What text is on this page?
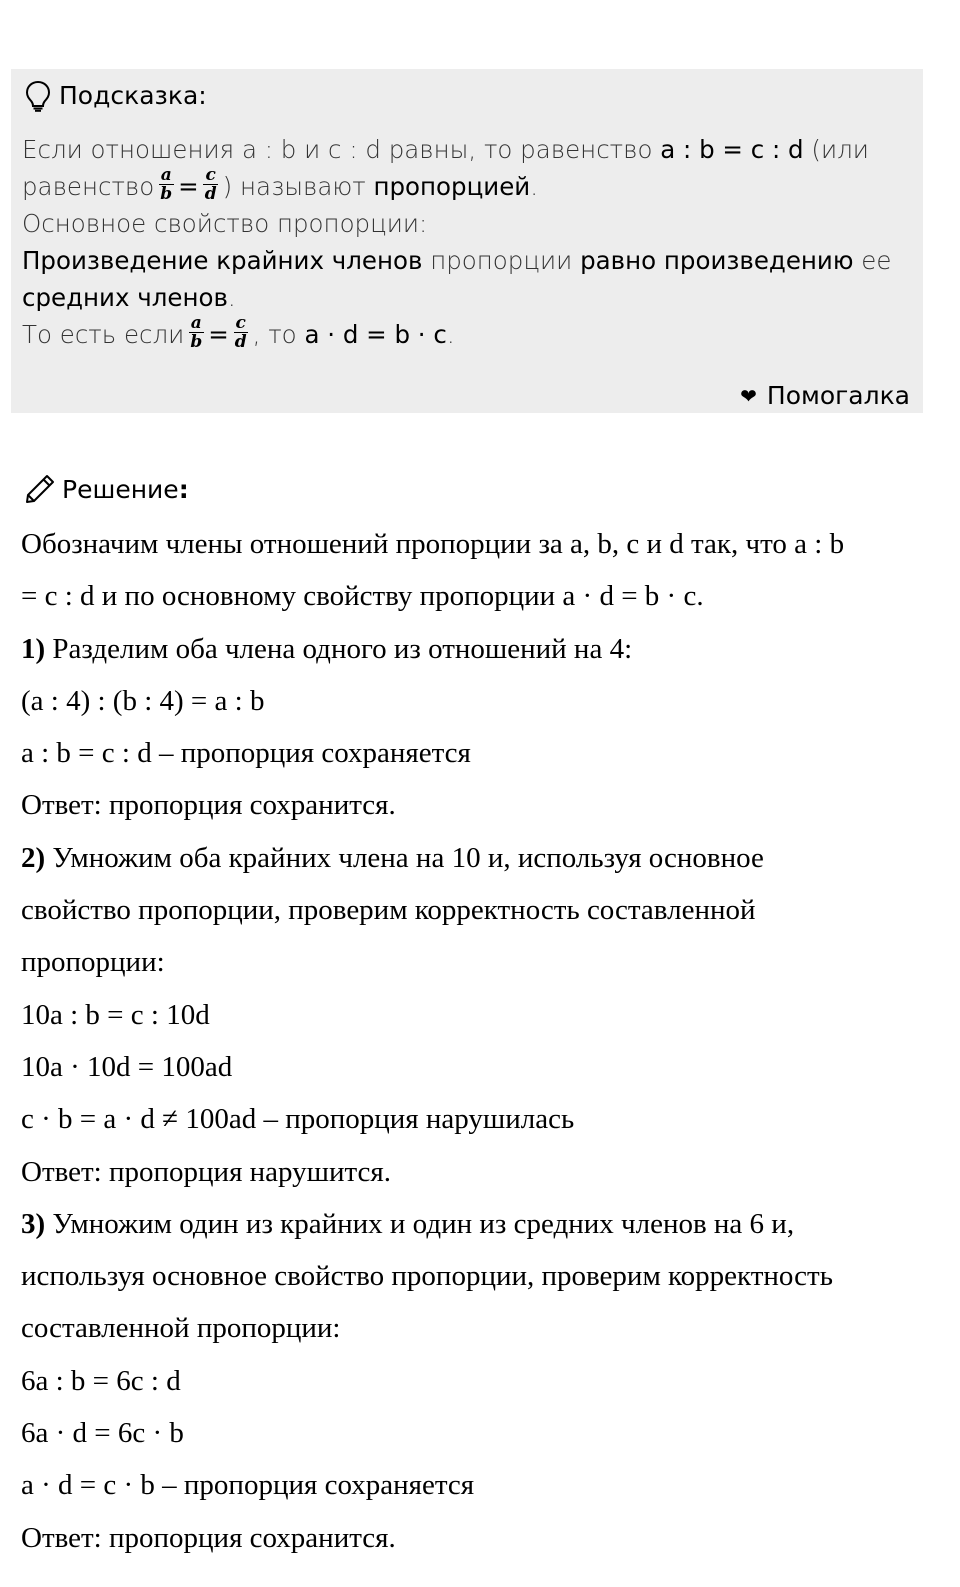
Подсказка:
Если отношения a : b и c : d равны, то равенство a : b = c : d (или
равенство $\frac{a}{b} = \frac{c}{d}$ ) называют пропорцией.
Основное свойство пропорции:
Произведение крайних членов пропорции равно произведению ее
средних членов.
То есть если $\frac{a}{b} = \frac{c}{d}$ , то a · d = b · c.
❤ Помогалка
Решение :
Обозначим члены отношений пропорции за a, b, c и d так, что a : b
= c : d и по основному свойству пропорции a · d = b · c.
1) Разделим оба члена одного из отношений на 4:
(a : 4) : (b : 4) = a : b
a : b = c : d – пропорция сохраняется
Ответ: пропорция сохранится.
2) Умножим оба крайних члена на 10 и, используя основное
свойство пропорции, проверим корректность составленной
пропорции:
10a : b = c : 10d
10a · 10d = 100ad
c · b = a · d ≠ 100ad – пропорция нарушилась
Ответ: пропорция нарушится.
3) Умножим один из крайних и один из средних членов на 6 и,
используя основное свойство пропорции, проверим корректность
составленной пропорции:
6a : b = 6c : d
6a · d = 6c · b
a · d = c · b – пропорция сохраняется
Ответ: пропорция сохранится.
